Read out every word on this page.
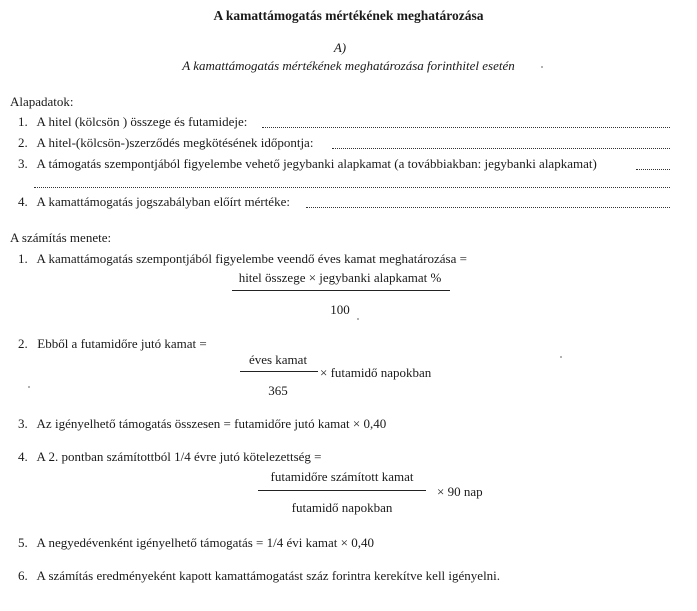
A kamattámogatás mértékének meghatározása
A)
A kamattámogatás mértékének meghatározása forinthitel esetén
Alapadatok:
1. A hitel (kölcsön ) összege és futamideje:
2. A hitel-(kölcsön-)szerződés megkötésének időpontja:
3. A támogatás szempontjából figyelembe vehető jegybanki alapkamat (a továbbiakban: jegybanki alapkamat)
4. A kamattámogatás jogszabályban előírt mértéke:
A számítás menete:
1. A kamattámogatás szempontjából figyelembe veendő éves kamat meghatározása =
hitel összege × jegybanki alapkamat %
100
2. Ebből a futamidőre jutó kamat =
éves kamat
365
× futamidő napokban
3. Az igényelhető támogatás összesen = futamidőre jutó kamat × 0,40
4. A 2. pontban számítottból 1/4 évre jutó kötelezettség =
futamidőre számított kamat
futamidő napokban
× 90 nap
5. A negyedévenként igényelhető támogatás = 1/4 évi kamat × 0,40
6. A számítás eredményeként kapott kamattámogatást száz forintra kerekítve kell igényelni.
